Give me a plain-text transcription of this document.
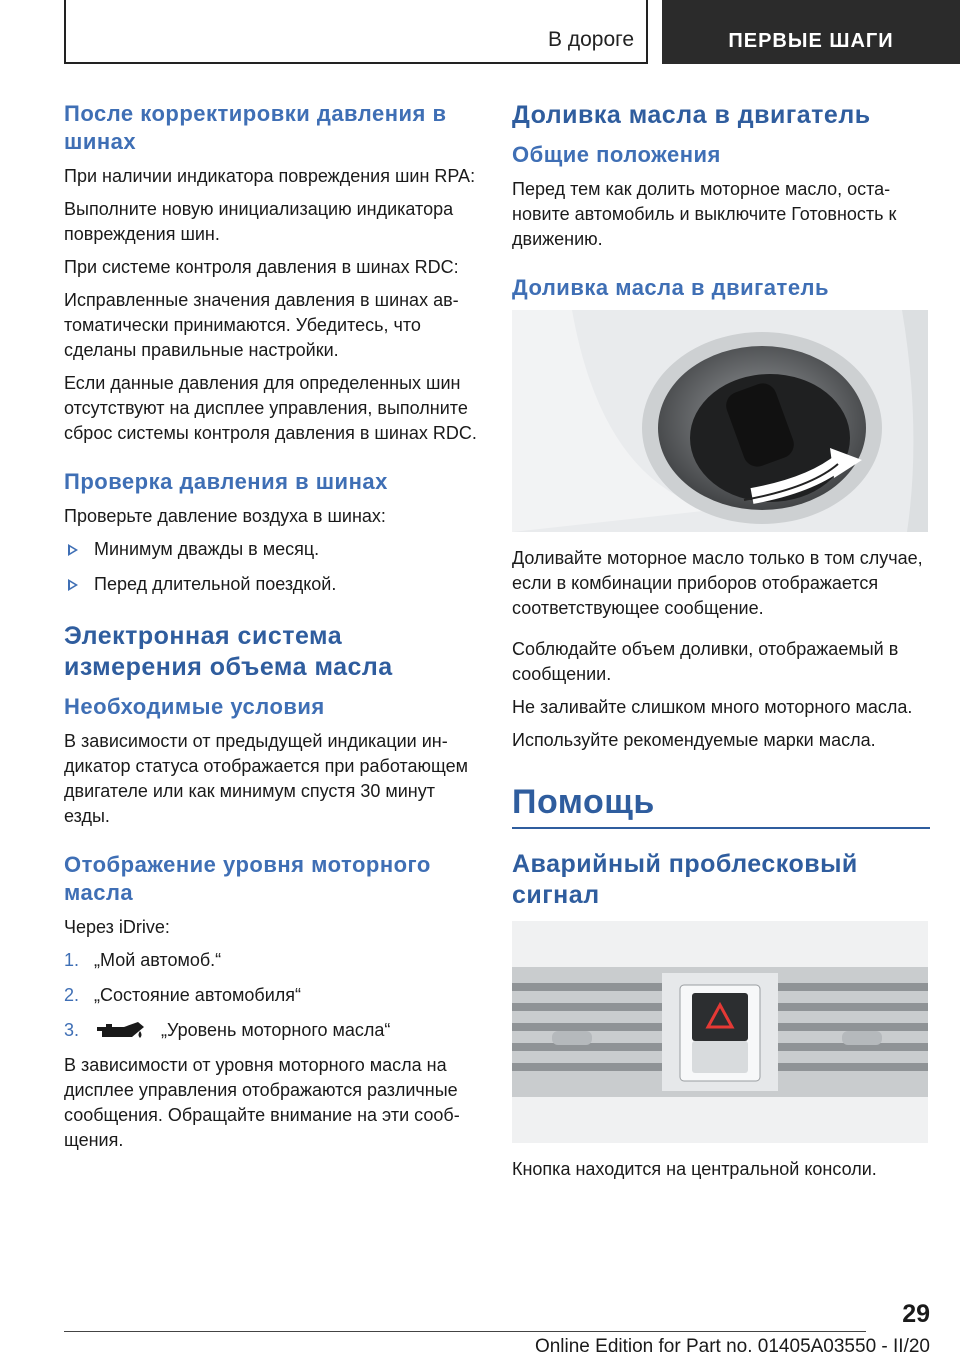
В дороге	ПЕРВЫЕ ШАГИ
После корректировки давления в шинах
При наличии индикатора повреждения шин RPA:
Выполните новую инициализацию индикатора повреждения шин.
При системе контроля давления в шинах RDC:
Исправленные значения давления в шинах автоматически принимаются. Убедитесь, что сделаны правильные настройки.
Если данные давления для определенных шин отсутствуют на дисплее управления, выполните сброс системы контроля давления в шинах RDC.
Проверка давления в шинах
Проверьте давление воздуха в шинах:
Минимум дважды в месяц.
Перед длительной поездкой.
Электронная система измерения объема масла
Необходимые условия
В зависимости от предыдущей индикации индикатор статуса отображается при работающем двигателе или как минимум спустя 30 минут езды.
Отображение уровня моторного масла
Через iDrive:
1. „Мой автомоб.“
2. „Состояние автомобиля“
3.	„Уровень моторного масла“
В зависимости от уровня моторного масла на дисплее управления отображаются различные сообщения. Обращайте внимание на эти сообщения.
Доливка масла в двигатель
Общие положения
Перед тем как долить моторное масло, остановите автомобиль и выключите Готовность к движению.
Доливка масла в двигатель
Доливайте моторное масло только в том случае, если в комбинации приборов отображается соответствующее сообщение.
Соблюдайте объем доливки, отображаемый в сообщении.
Не заливайте слишком много моторного масла.
Используйте рекомендуемые марки масла.
Помощь
Аварийный проблесковый сигнал
Кнопка находится на центральной консоли.
29
Online Edition for Part no. 01405A03550 - II/20
